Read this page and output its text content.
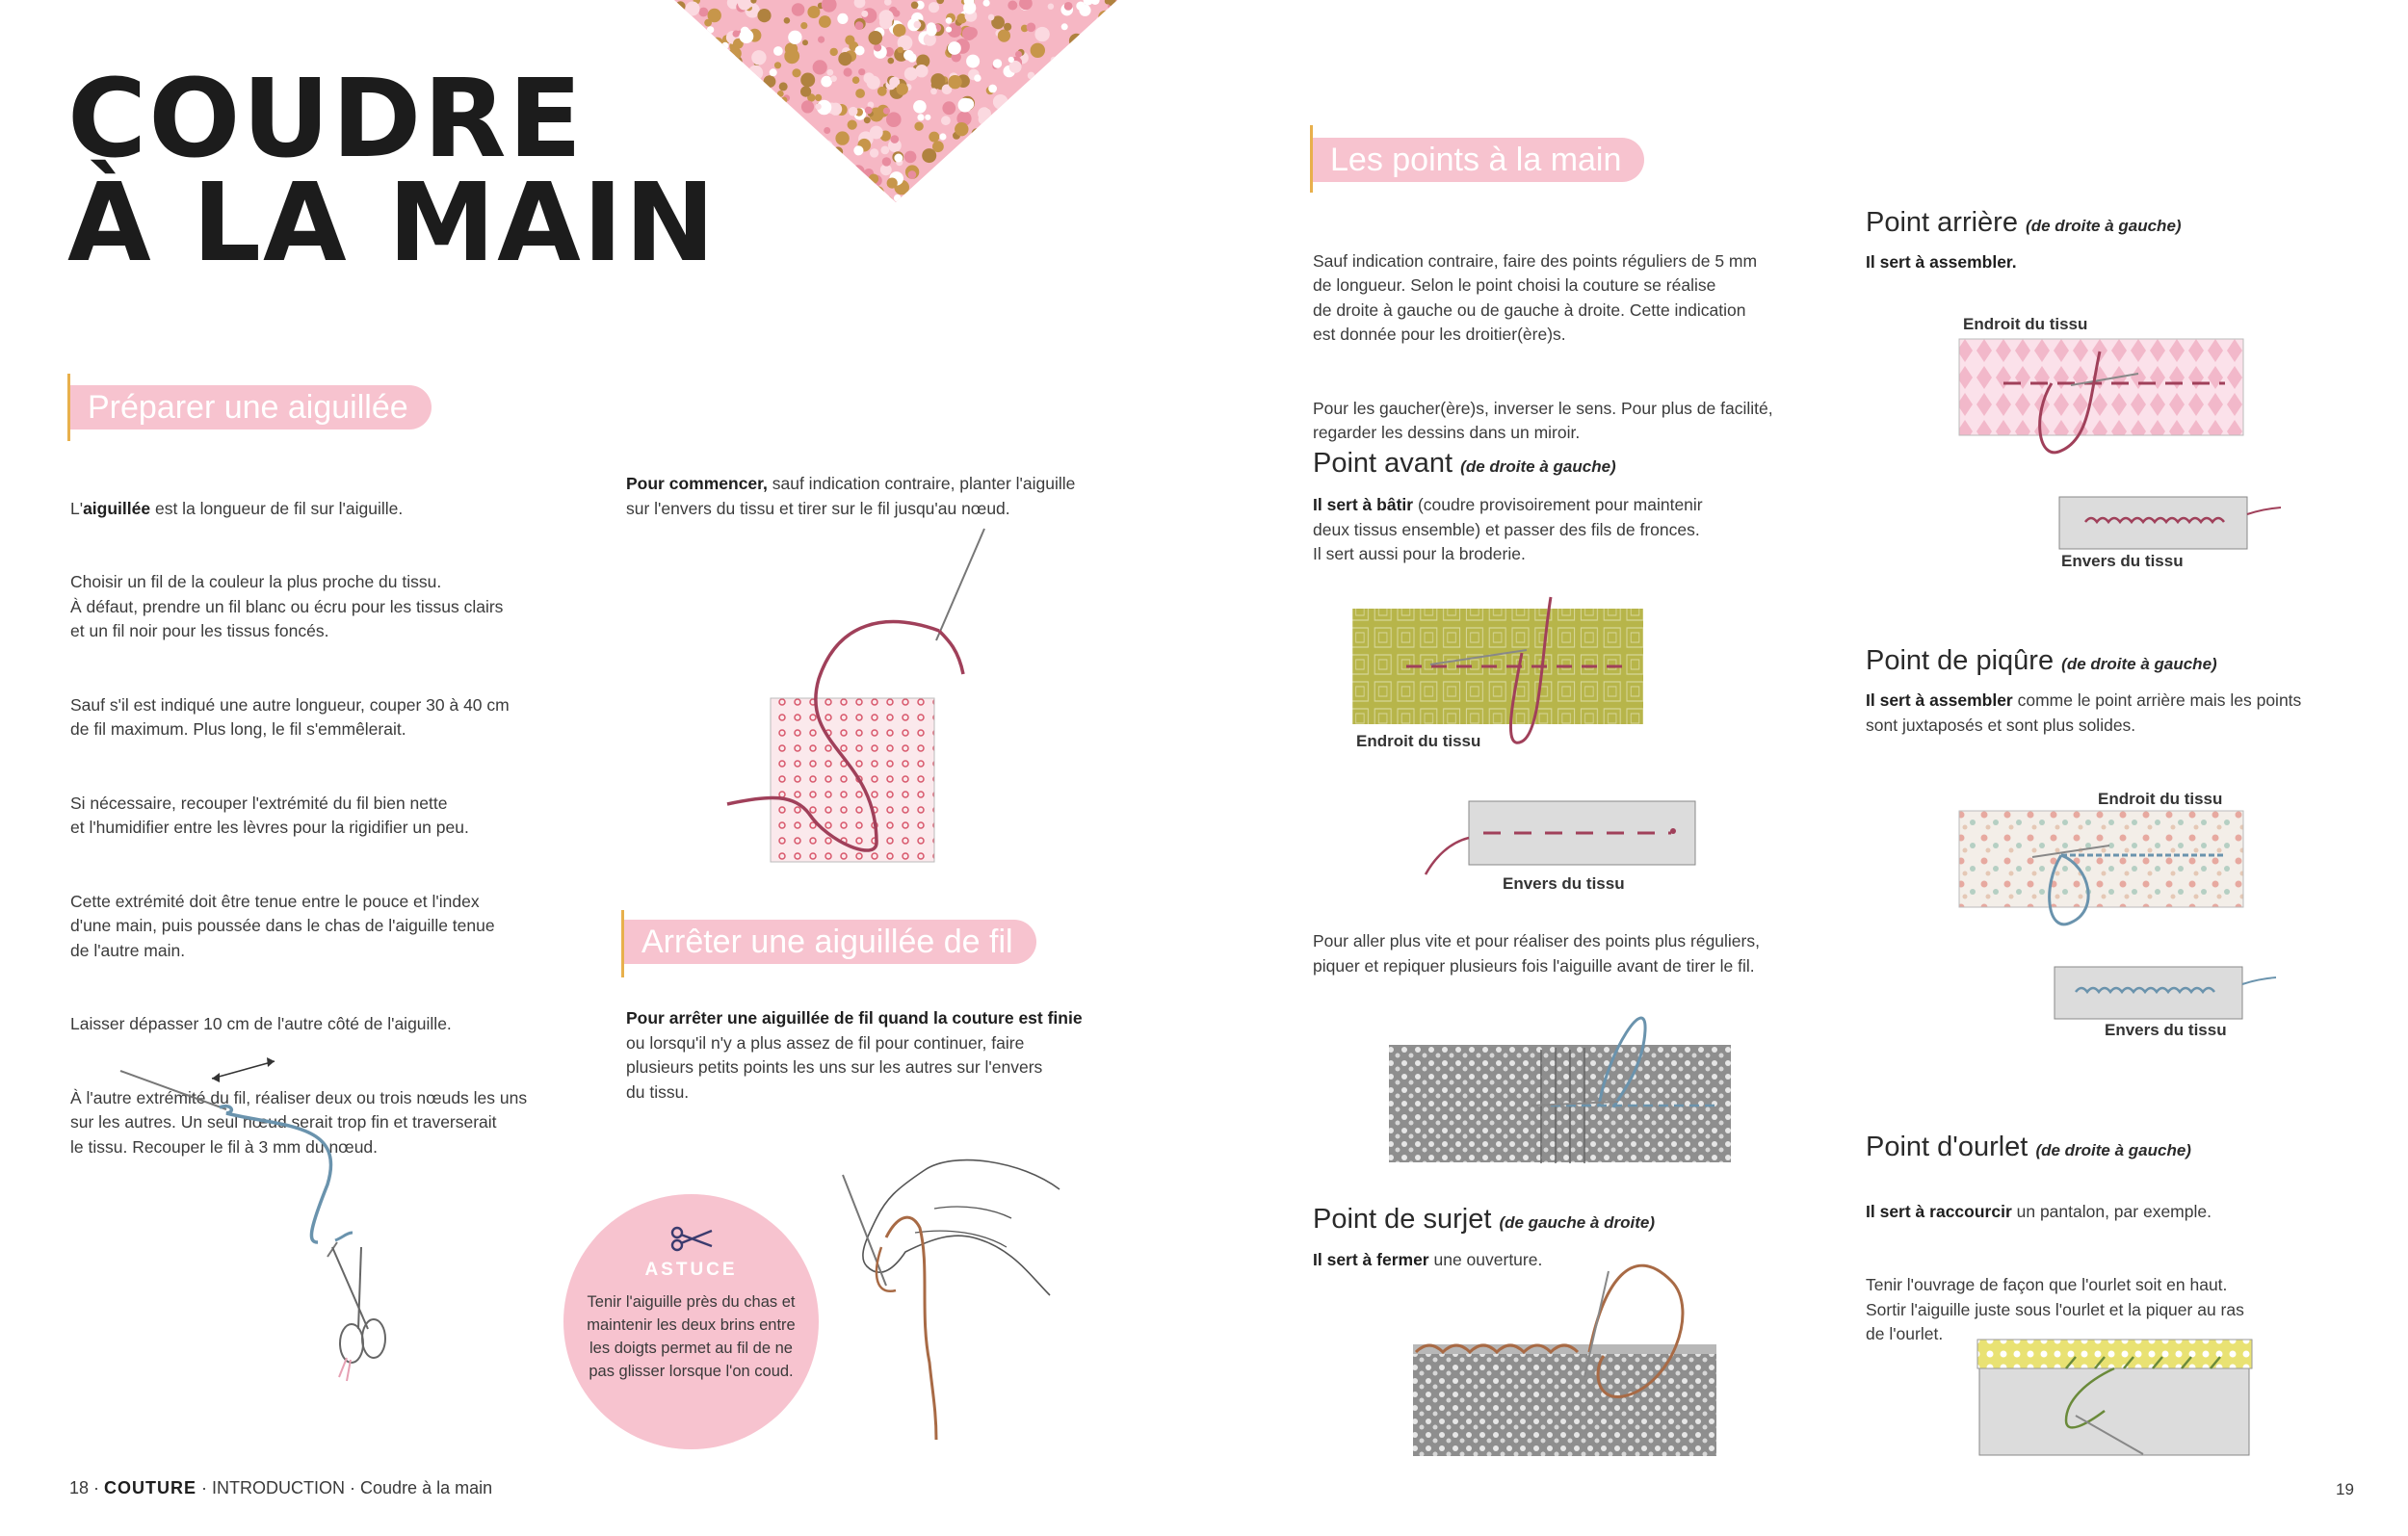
COUDRE
À LA MAIN
Préparer une aiguillée

L'aiguillée est la longueur de fil sur l'aiguille.

Choisir un fil de la couleur la plus proche du tissu.
À défaut, prendre un fil blanc ou écru pour les tissus clairs
et un fil noir pour les tissus foncés.

Sauf s'il est indiqué une autre longueur, couper 30 à 40 cm
de fil maximum. Plus long, le fil s'emmêlerait.

Si nécessaire, recouper l'extrémité du fil bien nette
et l'humidifier entre les lèvres pour la rigidifier un peu.

Cette extrémité doit être tenue entre le pouce et l'index
d'une main, puis poussée dans le chas de l'aiguille tenue
de l'autre main.

Laisser dépasser 10 cm de l'autre côté de l'aiguille.

À l'autre extrémité du fil, réaliser deux ou trois nœuds les uns
sur les autres. Un seul nœud serait trop fin et traverserait
le tissu. Recouper le fil à 3 mm du nœud.

Pour commencer, sauf indication contraire, planter l'aiguille
sur l'envers du tissu et tirer sur le fil jusqu'au nœud.
Arrêter une aiguillée de fil
Pour arrêter une aiguillée de fil quand la couture est finie
ou lorsqu'il n'y a plus assez de fil pour continuer, faire
plusieurs petits points les uns sur les autres sur l'envers
du tissu.
ASTUCE
Tenir l'aiguille près du chas et maintenir les deux brins entre les doigts permet au fil de ne pas glisser lorsque l'on coud.
Les points à la main

Sauf indication contraire, faire des points réguliers de 5 mm
de longueur. Selon le point choisi la couture se réalise
de droite à gauche ou de gauche à droite. Cette indication
est donnée pour les droitier(ère)s.

Pour les gaucher(ère)s, inverser le sens. Pour plus de facilité,
regarder les dessins dans un miroir.

Point avant (de droite à gauche)
Il sert à bâtir (coudre provisoirement pour maintenir
deux tissus ensemble) et passer des fils de fronces.
Il sert aussi pour la broderie.
Endroit du tissu
Envers du tissu
Pour aller plus vite et pour réaliser des points plus réguliers,
piquer et repiquer plusieurs fois l'aiguille avant de tirer le fil.
Point de surjet (de gauche à droite)
Il sert à fermer une ouverture.
Point arrière (de droite à gauche)
Il sert à assembler.
Endroit du tissu
Envers du tissu
Point de piqûre (de droite à gauche)
Il sert à assembler comme le point arrière mais les points
sont juxtaposés et sont plus solides.
Endroit du tissu
Envers du tissu
Point d'ourlet (de droite à gauche)

Il sert à raccourcir un pantalon, par exemple.

Tenir l'ouvrage de façon que l'ourlet soit en haut.
Sortir l'aiguille juste sous l'ourlet et la piquer au ras
de l'ourlet.

18 · COUTURE · INTRODUCTION · Coudre à la main	19
